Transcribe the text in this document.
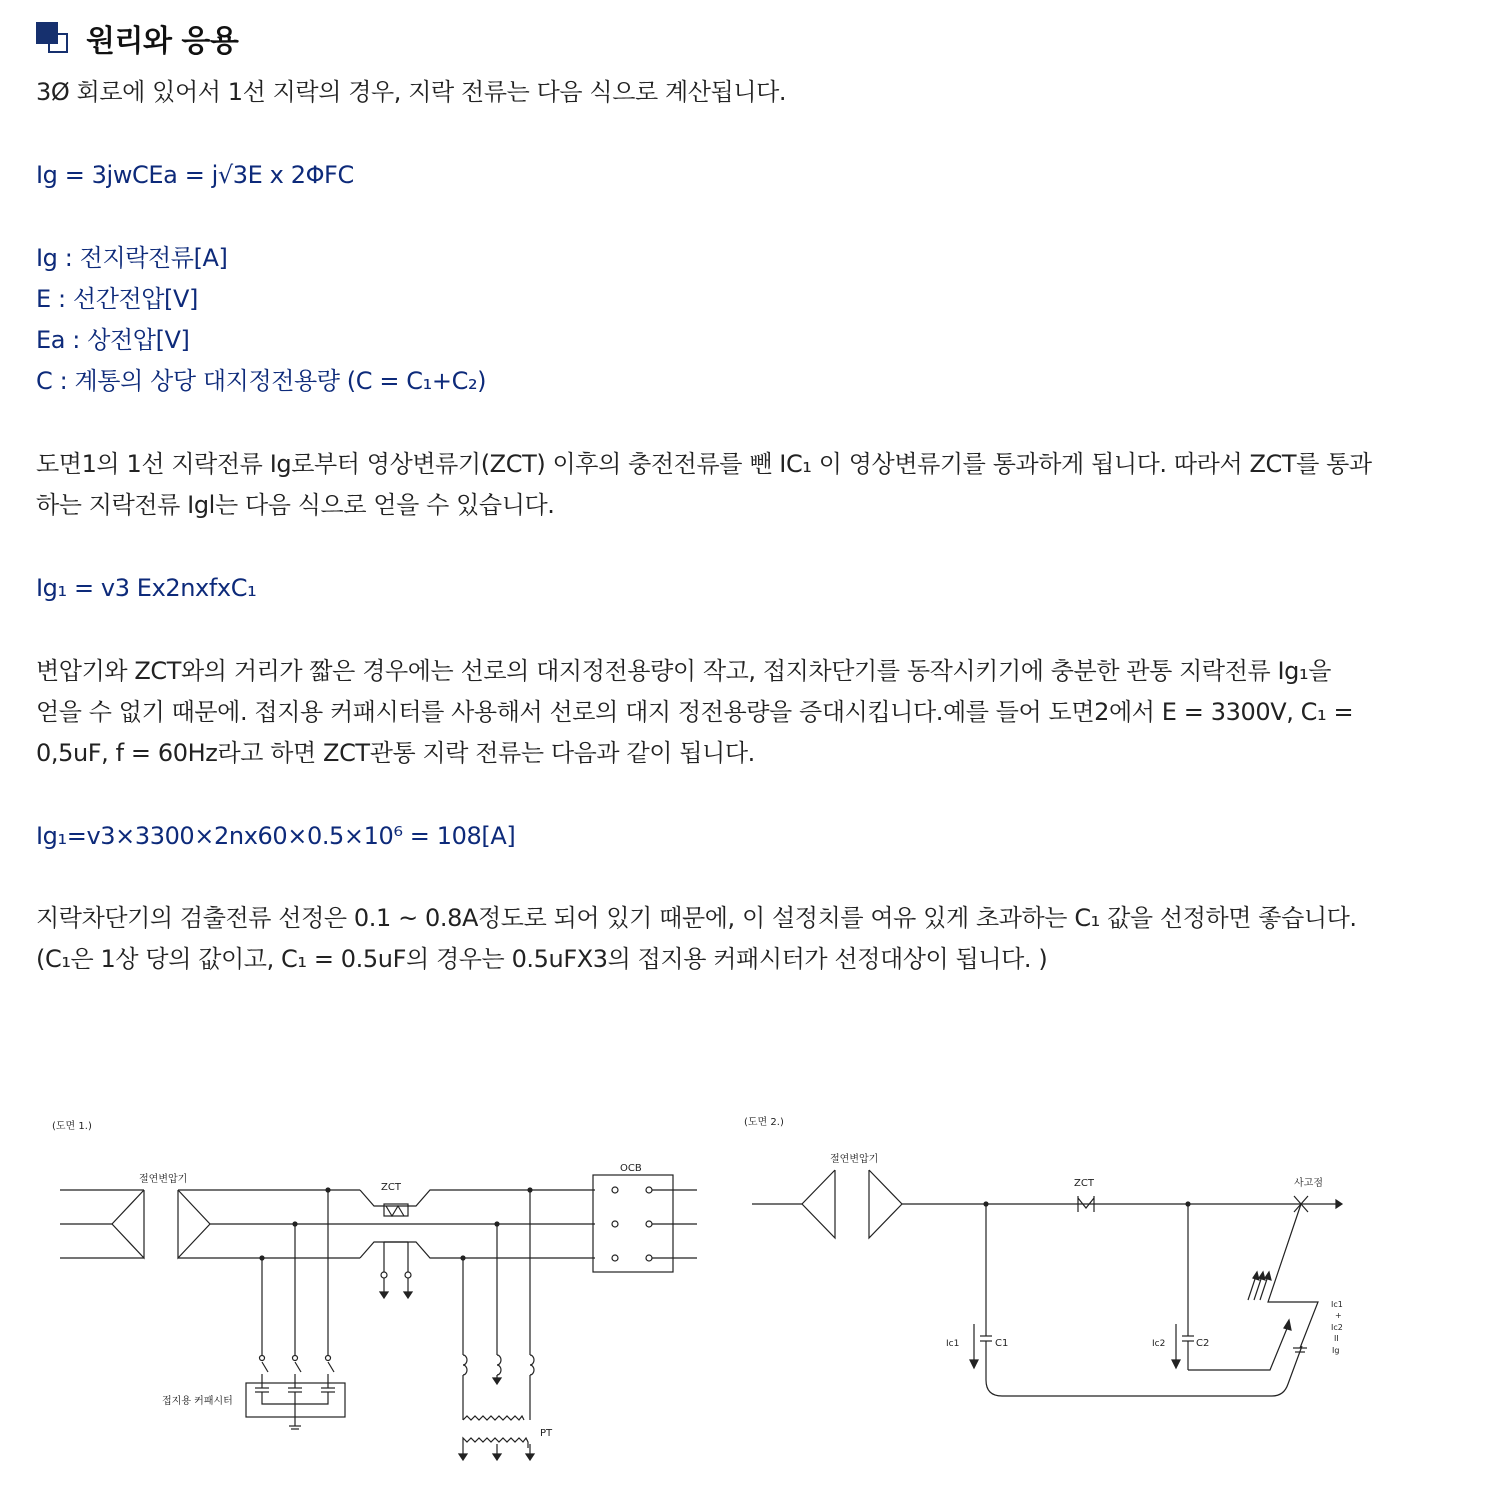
원리와 응용
3Ø 회로에 있어서 1선 지락의 경우, 지락 전류는 다음 식으로 계산됩니다.
Ig = 3jwCEa = j√3E x 2ΦFC
Ig : 전지락전류[A]
E : 선간전압[V]
Ea : 상전압[V]
C : 계통의 상당 대지정전용량 (C = C₁+C₂)
도면1의 1선 지락전류 Ig로부터 영상변류기(ZCT) 이후의 충전전류를 뺀 IC₁ 이 영상변류기를 통과하게 됩니다. 따라서 ZCT를 통과
하는 지락전류 Igl는 다음 식으로 얻을 수 있습니다.
Ig₁ = v3 Ex2nxfxC₁
변압기와 ZCT와의 거리가 짧은 경우에는 선로의 대지정전용량이 작고, 접지차단기를 동작시키기에 충분한 관통 지락전류 Ig₁을
얻을 수 없기 때문에. 접지용 커패시터를 사용해서 선로의 대지 정전용량을 증대시킵니다.예를 들어 도면2에서 E = 3300V, C₁ =
0,5uF, f = 60Hz라고 하면 ZCT관통 지락 전류는 다음과 같이 됩니다.
Ig₁=v3×3300×2nx60×0.5×10⁶ = 108[A]
지락차단기의 검출전류 선정은 0.1 ~ 0.8A정도로 되어 있기 때문에, 이 설정치를 여유 있게 초과하는 C₁ 값을 선정하면 좋습니다.
(C₁은 1상 당의 값이고, C₁ = 0.5uF의 경우는 0.5uFX3의 접지용 커패시터가 선정대상이 됩니다. )
(도면 1.)
절연변압기
ZCT
OCB
접지용 커패시터
PT
(도면 2.)
절연변압기
ZCT	사고점
Ic1	C1	Ic2	C2
Ic1
+
Ic2
II
Ig
